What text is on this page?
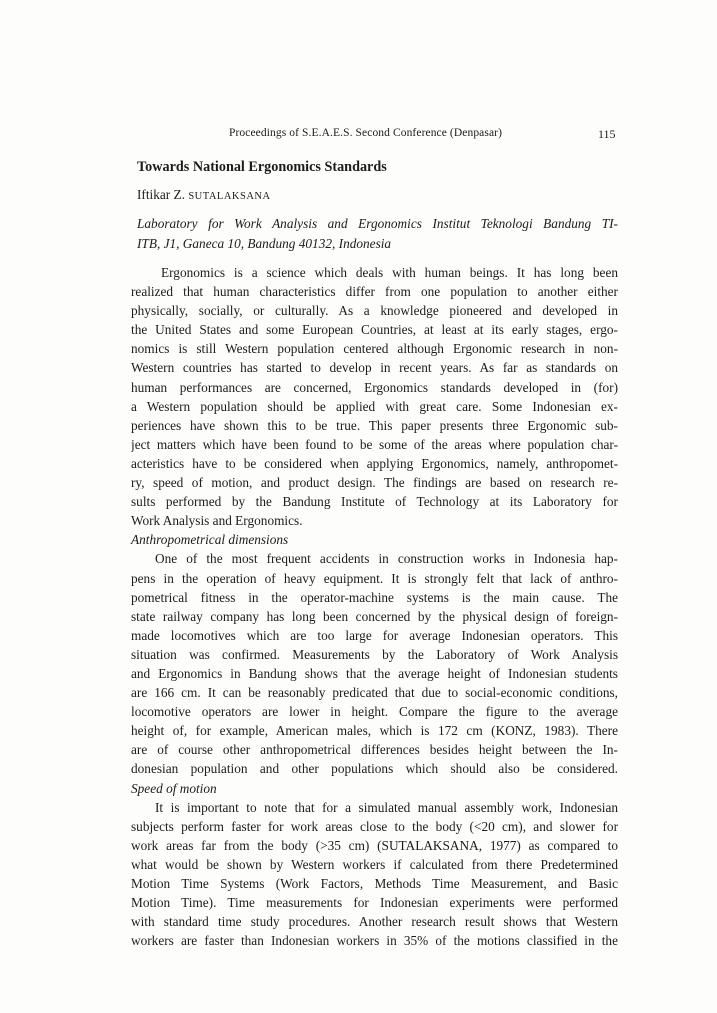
Proceedings of S.E.A.E.S. Second Conference (Denpasar)	115
Towards National Ergonomics Standards
Iftikar Z. SUTALAKSANA
Laboratory for Work Analysis and Ergonomics Institut Teknologi Bandung TI-
ITB, J1, Ganeca 10, Bandung 40132, Indonesia
Ergonomics is a science which deals with human beings. It has long been
realized that human characteristics differ from one population to another either
physically, socially, or culturally. As a knowledge pioneered and developed in
the United States and some European Countries, at least at its early stages, ergo-
nomics is still Western population centered although Ergonomic research in non-
Western countries has started to develop in recent years. As far as standards on
human performances are concerned, Ergonomics standards developed in (for)
a Western population should be applied with great care. Some Indonesian ex-
periences have shown this to be true. This paper presents three Ergonomic sub-
ject matters which have been found to be some of the areas where population char-
acteristics have to be considered when applying Ergonomics, namely, anthropomet-
ry, speed of motion, and product design. The findings are based on research re-
sults performed by the Bandung Institute of Technology at its Laboratory for
Work Analysis and Ergonomics.
Anthropometrical dimensions
One of the most frequent accidents in construction works in Indonesia hap-
pens in the operation of heavy equipment. It is strongly felt that lack of anthro-
pometrical fitness in the operator-machine systems is the main cause. The
state railway company has long been concerned by the physical design of foreign-
made locomotives which are too large for average Indonesian operators. This
situation was confirmed. Measurements by the Laboratory of Work Analysis
and Ergonomics in Bandung shows that the average height of Indonesian students
are 166 cm. It can be reasonably predicated that due to social-economic conditions,
locomotive operators are lower in height. Compare the figure to the average
height of, for example, American males, which is 172 cm (KONZ, 1983). There
are of course other anthropometrical differences besides height between the In-
donesian population and other populations which should also be considered.
Speed of motion
It is important to note that for a simulated manual assembly work, Indonesian
subjects perform faster for work areas close to the body (<20 cm), and slower for
work areas far from the body (>35 cm) (SUTALAKSANA, 1977) as compared to
what would be shown by Western workers if calculated from there Predetermined
Motion Time Systems (Work Factors, Methods Time Measurement, and Basic
Motion Time). Time measurements for Indonesian experiments were performed
with standard time study procedures. Another research result shows that Western
workers are faster than Indonesian workers in 35% of the motions classified in the
